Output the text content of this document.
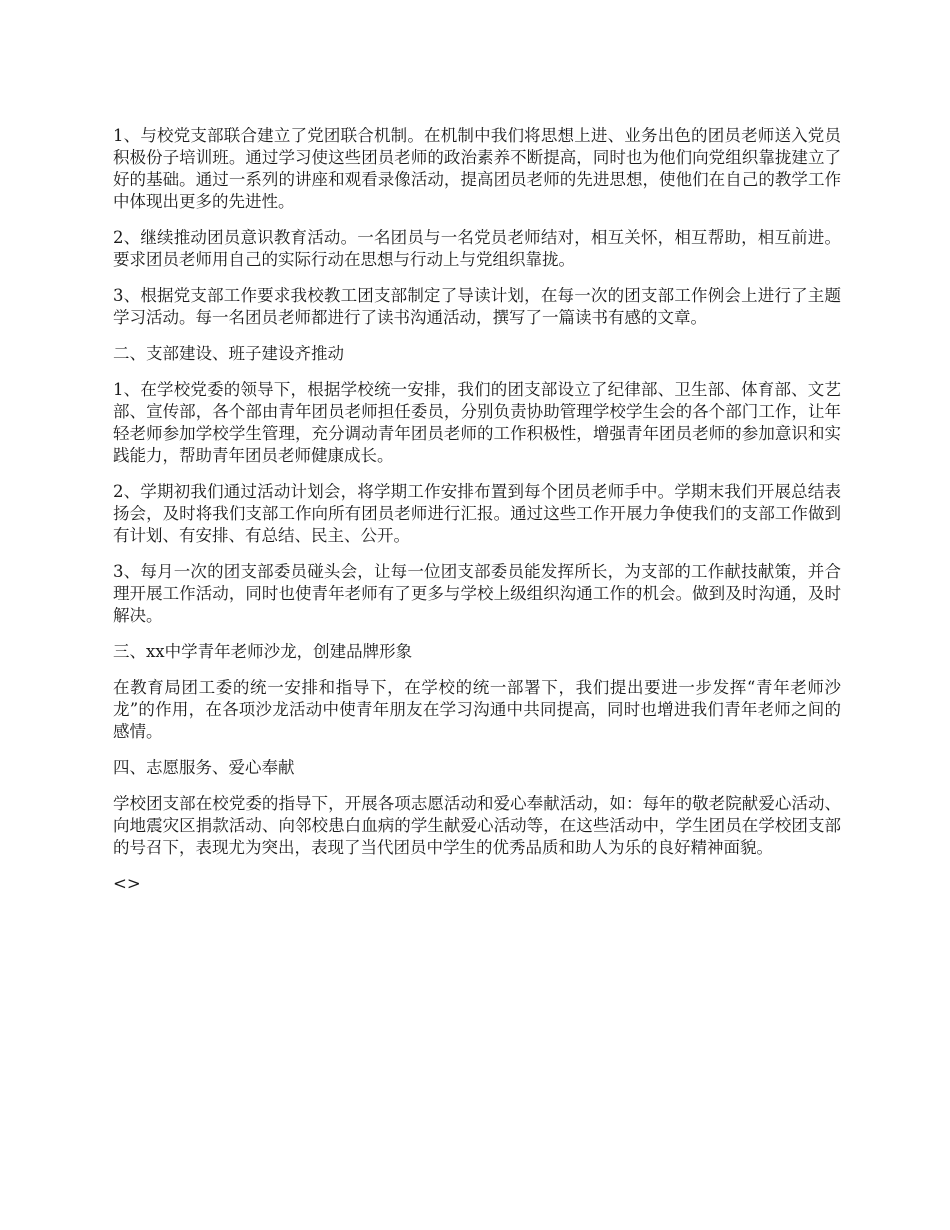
1、与校党支部联合建立了党团联合机制。在机制中我们将思想上进、业务出色的团员老师送入党员积极份子培训班。通过学习使这些团员老师的政治素养不断提高，同时也为他们向党组织靠拢建立了好的基础。通过一系列的讲座和观看录像活动，提高团员老师的先进思想，使他们在自己的教学工作中体现出更多的先进性。

2、继续推动团员意识教育活动。一名团员与一名党员老师结对，相互关怀，相互帮助，相互前进。要求团员老师用自己的实际行动在思想与行动上与党组织靠拢。

3、根据党支部工作要求我校教工团支部制定了导读计划，在每一次的团支部工作例会上进行了主题学习活动。每一名团员老师都进行了读书沟通活动，撰写了一篇读书有感的文章。

二、支部建设、班子建设齐推动

1、在学校党委的领导下，根据学校统一安排，我们的团支部设立了纪律部、卫生部、体育部、文艺部、宣传部，各个部由青年团员老师担任委员，分别负责协助管理学校学生会的各个部门工作，让年轻老师参加学校学生管理，充分调动青年团员老师的工作积极性，增强青年团员老师的参加意识和实践能力，帮助青年团员老师健康成长。

2、学期初我们通过活动计划会，将学期工作安排布置到每个团员老师手中。学期末我们开展总结表扬会，及时将我们支部工作向所有团员老师进行汇报。通过这些工作开展力争使我们的支部工作做到有计划、有安排、有总结、民主、公开。

3、每月一次的团支部委员碰头会，让每一位团支部委员能发挥所长，为支部的工作献技献策，并合理开展工作活动，同时也使青年老师有了更多与学校上级组织沟通工作的机会。做到及时沟通，及时解决。

三、xx中学青年老师沙龙，创建品牌形象

在教育局团工委的统一安排和指导下，在学校的统一部署下，我们提出要进一步发挥“青年老师沙龙”的作用，在各项沙龙活动中使青年朋友在学习沟通中共同提高，同时也增进我们青年老师之间的感情。

四、志愿服务、爱心奉献

学校团支部在校党委的指导下，开展各项志愿活动和爱心奉献活动，如：每年的敬老院献爱心活动、向地震灾区捐款活动、向邻校患白血病的学生献爱心活动等，在这些活动中，学生团员在学校团支部的号召下，表现尤为突出，表现了当代团员中学生的优秀品质和助人为乐的良好精神面貌。

<>
